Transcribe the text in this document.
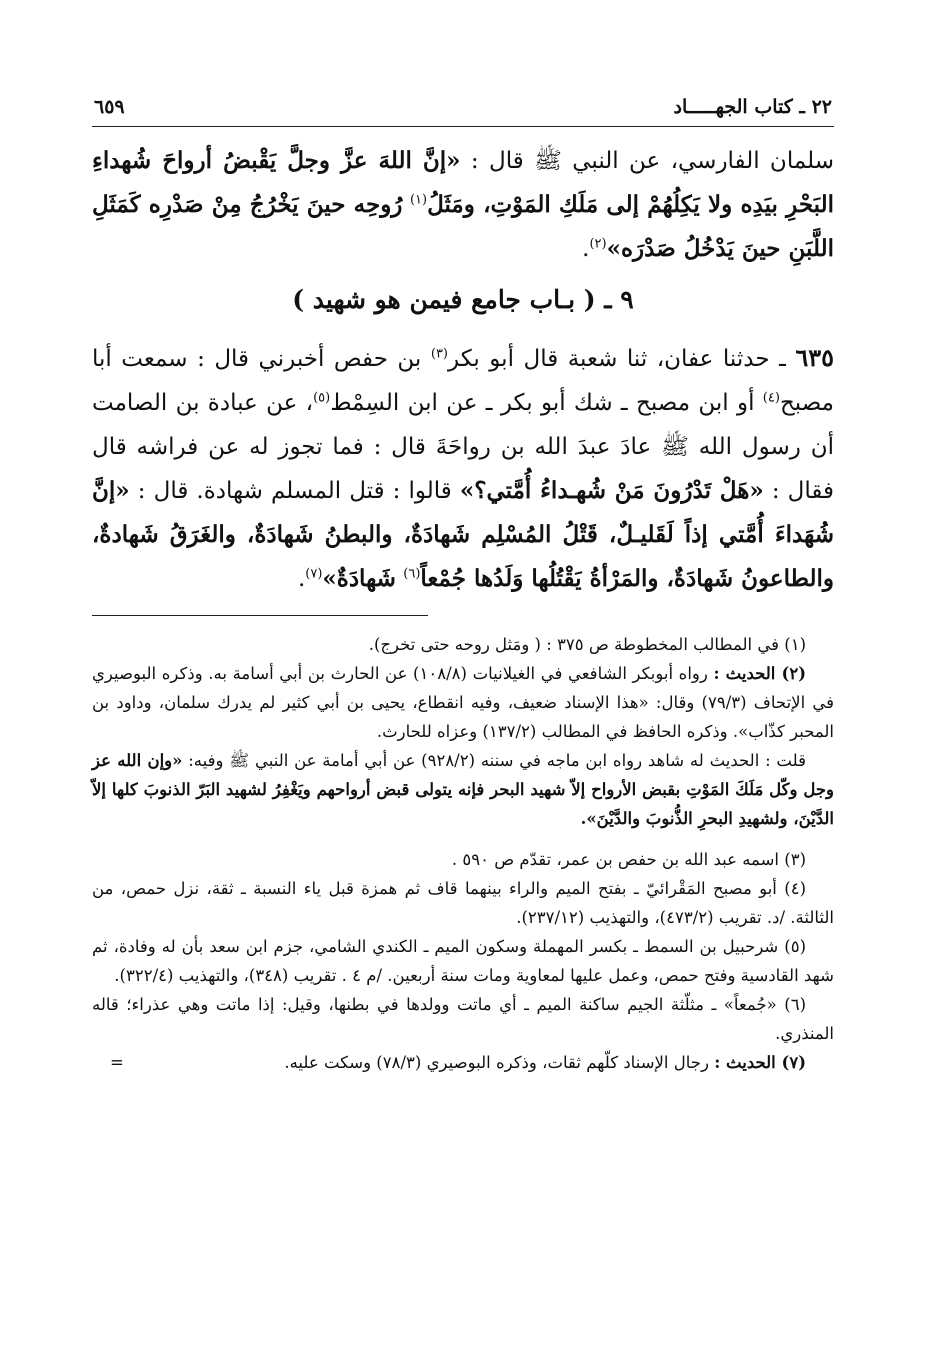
٢٢ ـ كتاب الجهـــــاد
٦٥٩
سلمان الفارسي، عن النبي ﷺ قال : «إنَّ اللهَ عزَّ وجلَّ يَقْبضُ أرواحَ شُهداءِ البَحْرِ بيَدِه ولا يَكِلُهُمْ إلى مَلَكِ المَوْتِ، ومَثَلُ$^{(١)}$ رُوحِه حينَ يَخْرُجُ مِنْ صَدْرِه كَمَثَلِ اللَّبَنِ حينَ يَدْخُلُ صَدْرَه»$^{(٢)}$.
٩ ـ ( بـاب جامع فيمن هو شهيد )
٦٣٥ ـ حدثنا عفان، ثنا شعبة قال أبو بكر$^{(٣)}$ بن حفص أخبرني قال : سمعت أبا مصبح$^{(٤)}$ أو ابن مصبح ـ شك أبو بكر ـ عن ابن السِمْط$^{(٥)}$، عن عبادة بن الصامت أن رسول الله ﷺ عادَ عبدَ الله بن رواحَةَ قال : فما تجوز له عن فراشه قال فقال : «هَلْ تَدْرُونَ مَنْ شُهـداءُ أُمَّتي؟» قالوا : قتل المسلم شهادة. قال : «إنَّ شُهَداءَ أُمَّتي إذاً لَقَليـلٌ، قَتْلُ المُسْلِم شَهادَةٌ، والبطنُ شَهادَةٌ، والغَرَقُ شَهادةٌ، والطاعونُ شَهادَةٌ، والمَرْأةُ يَقْتُلُها وَلَدُها جُمْعاً$^{(٦)}$ شَهادَةٌ»$^{(٧)}$.

(١) في المطالب المخطوطة ص ٣٧٥ : ( ومَثل روحه حتى تخرج).

(٢) الحديث : رواه أبوبكر الشافعي في الغيلانيات (١٠٨/٨) عن الحارث بن أبي أسامة به. وذكره البوصيري في الإتحاف (٧٩/٣) وقال: «هذا الإسناد ضعيف، وفيه انقطاع، يحيى بن أبي كثير لم يدرك سلمان، وداود بن المحبر كذّاب». وذكره الحافظ في المطالب (١٣٧/٢) وعزاه للحارث.

قلت : الحديث له شاهد رواه ابن ماجه في سننه (٩٢٨/٢) عن أبي أمامة عن النبي ﷺ وفيه: «وإن الله عز وجل وكّل مَلَكَ المَوْتِ بقبض الأرواح إلاّ شهيد البحر فإنه يتولى قبض أرواحهم ويَغْفِرُ لشهيد البَرّ الذنوبَ كلها إلاّ الدَّيْنَ، ولشهيدِ البحرِ الذُّنوبَ والدَّيْنَ».

(٣) اسمه عبد الله بن حفص بن عمر، تقدّم ص ٥٩٠ .

(٤) أبو مصبح المَقْرائيّ ـ بفتح الميم والراء بينهما قاف ثم همزة قبل ياء النسبة ـ ثقة، نزل حمص، من الثالثة. /د. تقريب (٤٧٣/٢)، والتهذيب (٢٣٧/١٢).

(٥) شرحبيل بن السمط ـ بكسر المهملة وسكون الميم ـ الكندي الشامي، جزم ابن سعد بأن له وفادة، ثم شهد القادسية وفتح حمص، وعمل عليها لمعاوية ومات سنة أربعين. /م ٤ . تقريب (٣٤٨)، والتهذيب (٣٢٢/٤).

(٦) «جُمعاً» ـ مثلّثة الجيم ساكنة الميم ـ أي ماتت وولدها في بطنها، وقيل: إذا ماتت وهي عذراء؛ قاله المنذري.

(٧) الحديث : رجال الإسناد كلّهم ثقات، وذكره البوصيري (٧٨/٣) وسكت عليه.
=
